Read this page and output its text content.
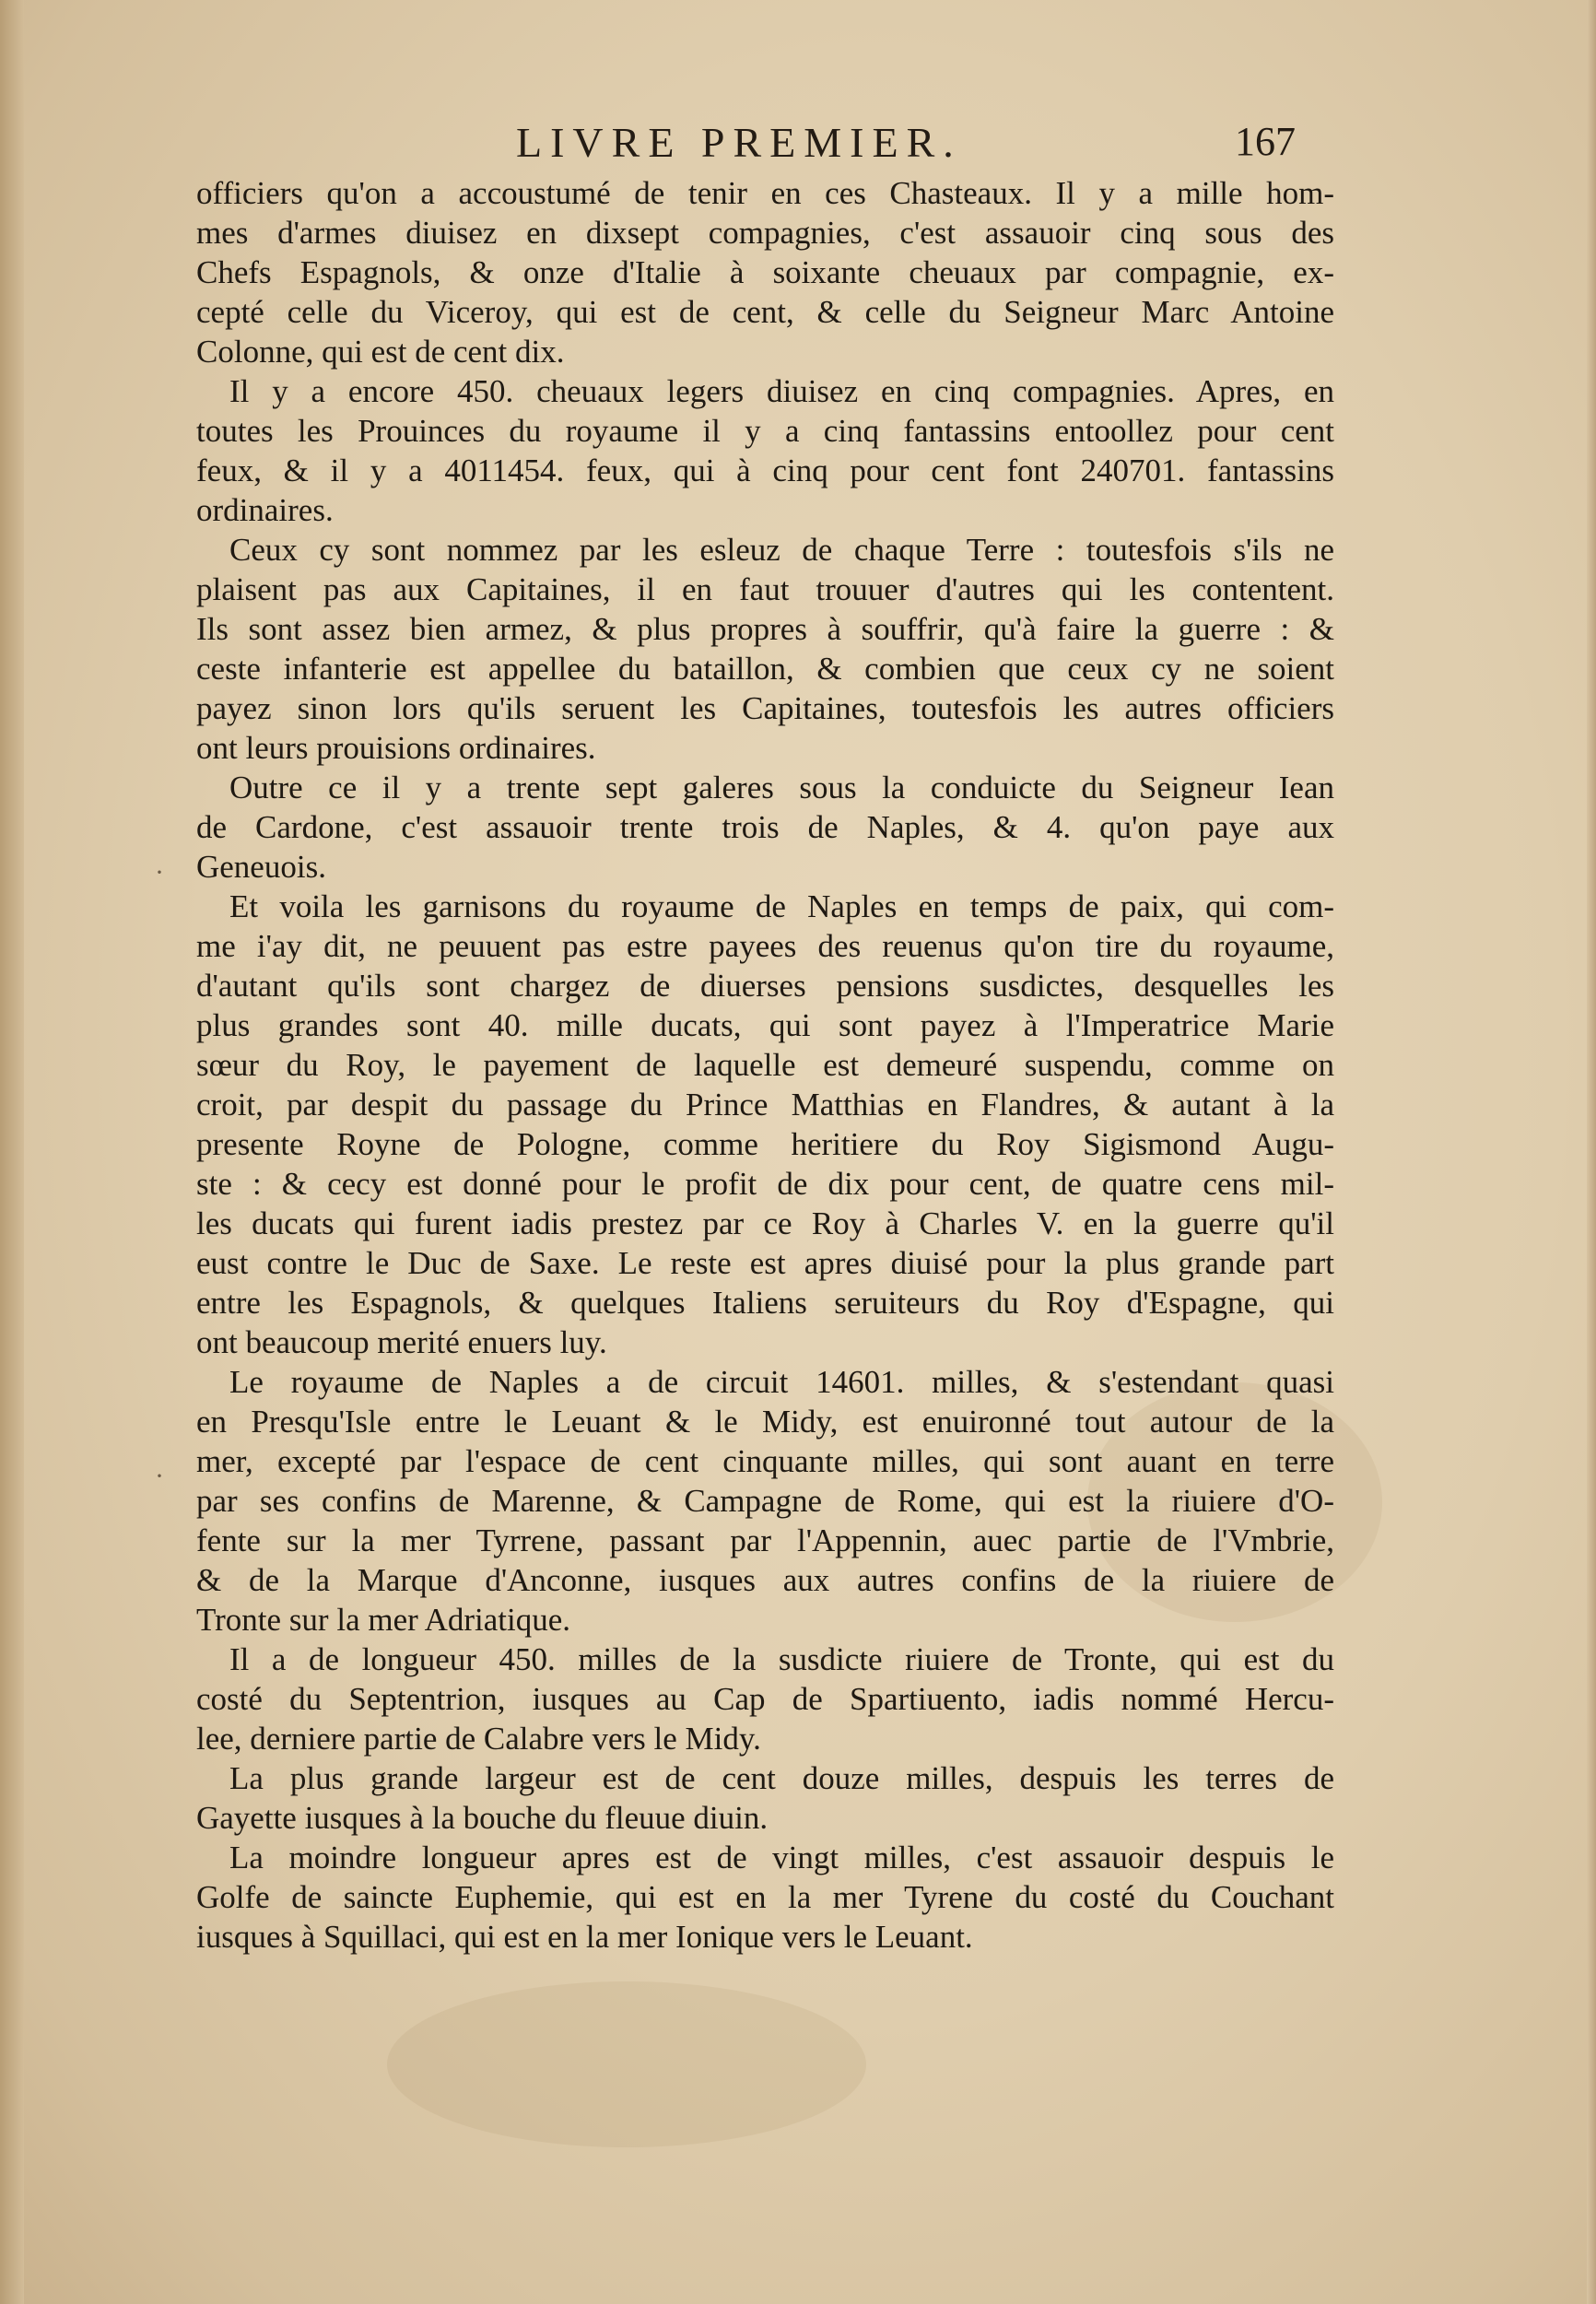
LIVRE PREMIER.	167
·
·
officiers qu'on a accoustumé de tenir en ces Chasteaux. Il y a mille hom-
mes d'armes diuisez en dixsept compagnies, c'est assauoir cinq sous des
Chefs Espagnols, & onze d'Italie à soixante cheuaux par compagnie, ex-
cepté celle du Viceroy, qui est de cent, & celle du Seigneur Marc Antoine
Colonne, qui est de cent dix.
Il y a encore 450. cheuaux legers diuisez en cinq compagnies. Apres, en
toutes les Prouinces du royaume il y a cinq fantassins entoollez pour cent
feux, & il y a 4011454. feux, qui à cinq pour cent font 240701. fantassins
ordinaires.
Ceux cy sont nommez par les esleuz de chaque Terre : toutesfois s'ils ne
plaisent pas aux Capitaines, il en faut trouuer d'autres qui les contentent.
Ils sont assez bien armez, & plus propres à souffrir, qu'à faire la guerre : &
ceste infanterie est appellee du bataillon, & combien que ceux cy ne soient
payez sinon lors qu'ils seruent les Capitaines, toutesfois les autres officiers
ont leurs prouisions ordinaires.
Outre ce il y a trente sept galeres sous la conduicte du Seigneur Iean
de Cardone, c'est assauoir trente trois de Naples, & 4. qu'on paye aux
Geneuois.
Et voila les garnisons du royaume de Naples en temps de paix, qui com-
me i'ay dit, ne peuuent pas estre payees des reuenus qu'on tire du royaume,
d'autant qu'ils sont chargez de diuerses pensions susdictes, desquelles les
plus grandes sont 40. mille ducats, qui sont payez à l'Imperatrice Marie
sœur du Roy, le payement de laquelle est demeuré suspendu, comme on
croit, par despit du passage du Prince Matthias en Flandres, & autant à la
presente Royne de Pologne, comme heritiere du Roy Sigismond Augu-
ste : & cecy est donné pour le profit de dix pour cent, de quatre cens mil-
les ducats qui furent iadis prestez par ce Roy à Charles V. en la guerre qu'il
eust contre le Duc de Saxe. Le reste est apres diuisé pour la plus grande part
entre les Espagnols, & quelques Italiens seruiteurs du Roy d'Espagne, qui
ont beaucoup merité enuers luy.
Le royaume de Naples a de circuit 14601. milles, & s'estendant quasi
en Presqu'Isle entre le Leuant & le Midy, est enuironné tout autour de la
mer, excepté par l'espace de cent cinquante milles, qui sont auant en terre
par ses confins de Marenne, & Campagne de Rome, qui est la riuiere d'O-
fente sur la mer Tyrrene, passant par l'Appennin, auec partie de l'Vmbrie,
& de la Marque d'Anconne, iusques aux autres confins de la riuiere de
Tronte sur la mer Adriatique.
Il a de longueur 450. milles de la susdicte riuiere de Tronte, qui est du
costé du Septentrion, iusques au Cap de Spartiuento, iadis nommé Hercu-
lee, derniere partie de Calabre vers le Midy.
La plus grande largeur est de cent douze milles, despuis les terres de
Gayette iusques à la bouche du fleuue diuin.
La moindre longueur apres est de vingt milles, c'est assauoir despuis le
Golfe de saincte Euphemie, qui est en la mer Tyrene du costé du Couchant
iusques à Squillaci, qui est en la mer Ionique vers le Leuant.
